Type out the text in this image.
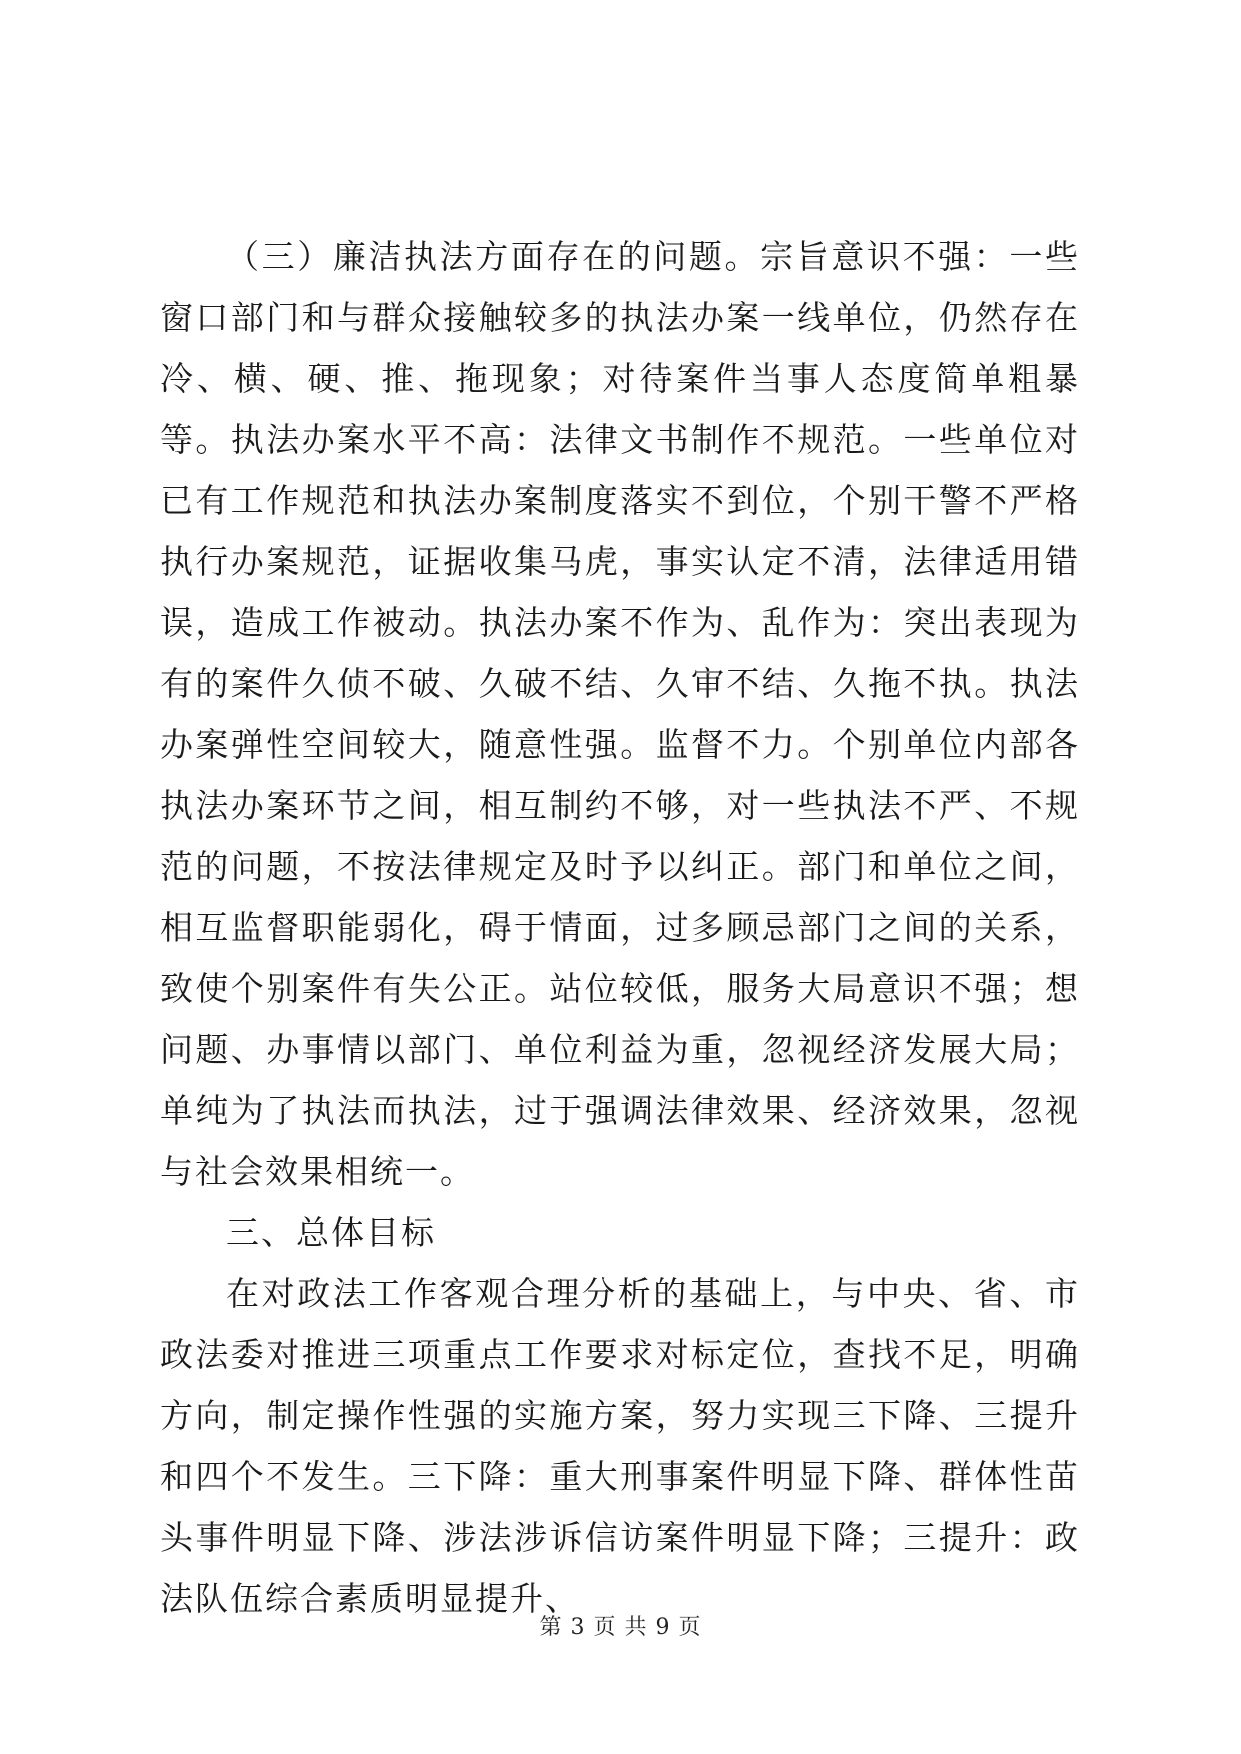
（三）廉洁执法方面存在的问题。宗旨意识不强：一些窗口部门和与群众接触较多的执法办案一线单位，仍然存在冷、横、硬、推、拖现象；对待案件当事人态度简单粗暴等。执法办案水平不高：法律文书制作不规范。一些单位对已有工作规范和执法办案制度落实不到位，个别干警不严格执行办案规范，证据收集马虎，事实认定不清，法律适用错误，造成工作被动。执法办案不作为、乱作为：突出表现为有的案件久侦不破、久破不结、久审不结、久拖不执。执法办案弹性空间较大，随意性强。监督不力。个别单位内部各执法办案环节之间，相互制约不够，对一些执法不严、不规范的问题，不按法律规定及时予以纠正。部门和单位之间，相互监督职能弱化，碍于情面，过多顾忌部门之间的关系，致使个别案件有失公正。站位较低，服务大局意识不强；想问题、办事情以部门、单位利益为重，忽视经济发展大局；单纯为了执法而执法，过于强调法律效果、经济效果，忽视与社会效果相统一。

三、总体目标

在对政法工作客观合理分析的基础上，与中央、省、市政法委对推进三项重点工作要求对标定位，查找不足，明确方向，制定操作性强的实施方案，努力实现三下降、三提升和四个不发生。三下降：重大刑事案件明显下降、群体性苗头事件明显下降、涉法涉诉信访案件明显下降；三提升：政法队伍综合素质明显提升、

第 3 页 共 9 页
